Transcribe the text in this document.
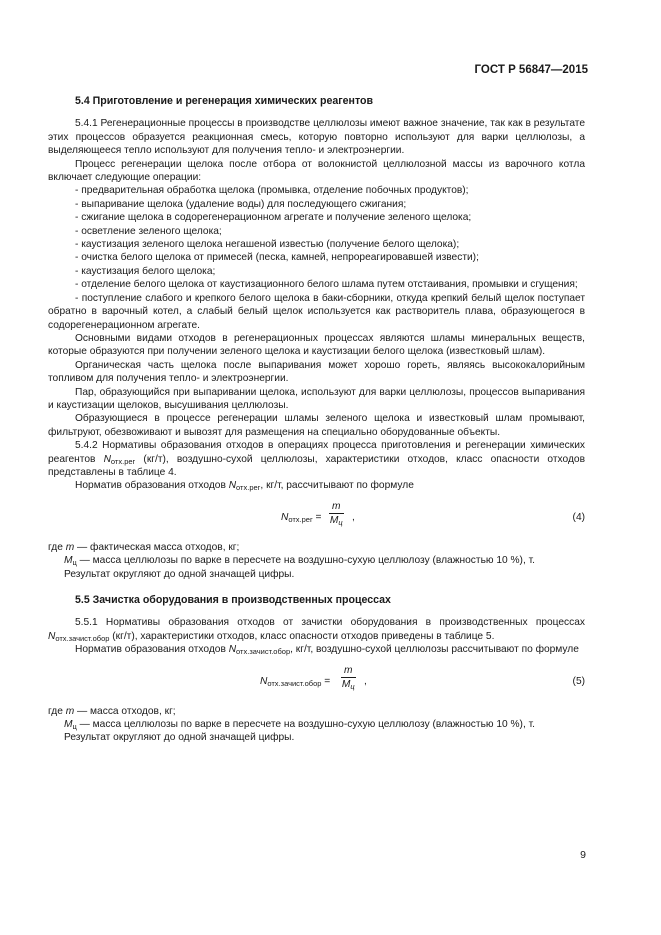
ГОСТ Р 56847—2015
5.4 Приготовление и регенерация химических реагентов

5.4.1 Регенерационные процессы в производстве целлюлозы имеют важное значение, так как в результате этих процессов образуется реакционная смесь, которую повторно используют для варки целлюлозы, а выделяющееся тепло используют для получения тепло- и электроэнергии.

Процесс регенерации щелока после отбора от волокнистой целлюлозной массы из варочного котла включает следующие операции:

- предварительная обработка щелока (промывка, отделение побочных продуктов);

- выпаривание щелока (удаление воды) для последующего сжигания;

- сжигание щелока в содорегенерационном агрегате и получение зеленого щелока;

- осветление зеленого щелока;

- каустизация зеленого щелока негашеной известью (получение белого щелока);

- очистка белого щелока от примесей (песка, камней, непрореагировавшей извести);

- каустизация белого щелока;

- отделение белого щелока от каустизационного белого шлама путем отстаивания, промывки и сгущения;

- поступление слабого и крепкого белого щелока в баки-сборники, откуда крепкий белый щелок поступает обратно в варочный котел, а слабый белый щелок используется как растворитель плава, образующегося в содорегенерационном агрегате.

Основными видами отходов в регенерационных процессах являются шламы минеральных веществ, которые образуются при получении зеленого щелока и каустизации белого щелока (известковый шлам).

Органическая часть щелока после выпаривания может хорошо гореть, являясь высококалорийным топливом для получения тепло- и электроэнергии.

Пар, образующийся при выпаривании щелока, используют для варки целлюлозы, процессов выпаривания и каустизации щелоков, высушивания целлюлозы.

Образующиеся в процессе регенерации шламы зеленого щелока и известковый шлам промывают, фильтруют, обезвоживают и вывозят для размещения на специально оборудованные объекты.

5.4.2 Нормативы образования отходов в операциях процесса приготовления и регенерации химических реагентов $N_{отх.рег}$ (кг/т), воздушно-сухой целлюлозы, характеристики отходов, класс опасности отходов представлены в таблице 4.

Норматив образования отходов $N_{отх.рег}$, кг/т, рассчитывают по формуле

$N_{отх.рег}$ =
m
$M_ц$ ,	(4)

где m — фактическая масса отходов, кг;

$M_ц$ — масса целлюлозы по варке в пересчете на воздушно-сухую целлюлозу (влажностью 10 %), т.

Результат округляют до одной значащей цифры.

5.5 Зачистка оборудования в производственных процессах

5.5.1 Нормативы образования отходов от зачистки оборудования в производственных процессах $N_{отх.зачист.обор}$ (кг/т), характеристики отходов, класс опасности отходов приведены в таблице 5.

Норматив образования отходов $N_{отх.зачист.обор}$, кг/т, воздушно-сухой целлюлозы рассчитывают по формуле

$N_{отх.зачист.обор}$ =
m
$M_ц$ ,	(5)

где m — масса отходов, кг;

$M_ц$ — масса целлюлозы по варке в пересчете на воздушно-сухую целлюлозу (влажностью 10 %), т.

Результат округляют до одной значащей цифры.

9
